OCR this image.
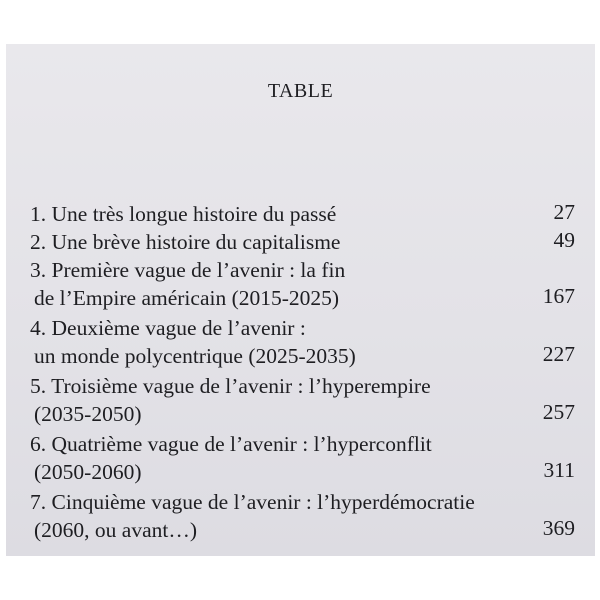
TABLE
1. Une très longue histoire du passé	27
2. Une brève histoire du capitalisme	49
3. Première vague de l’avenir : la fin
de l’Empire américain (2015-2025)	167
4. Deuxième vague de l’avenir :
un monde polycentrique (2025-2035)	227
5. Troisième vague de l’avenir : l’hyperempire
(2035-2050)	257
6. Quatrième vague de l’avenir : l’hyperconflit
(2050-2060)	311
7. Cinquième vague de l’avenir : l’hyperdémocratie
(2060, ou avant…)	369
